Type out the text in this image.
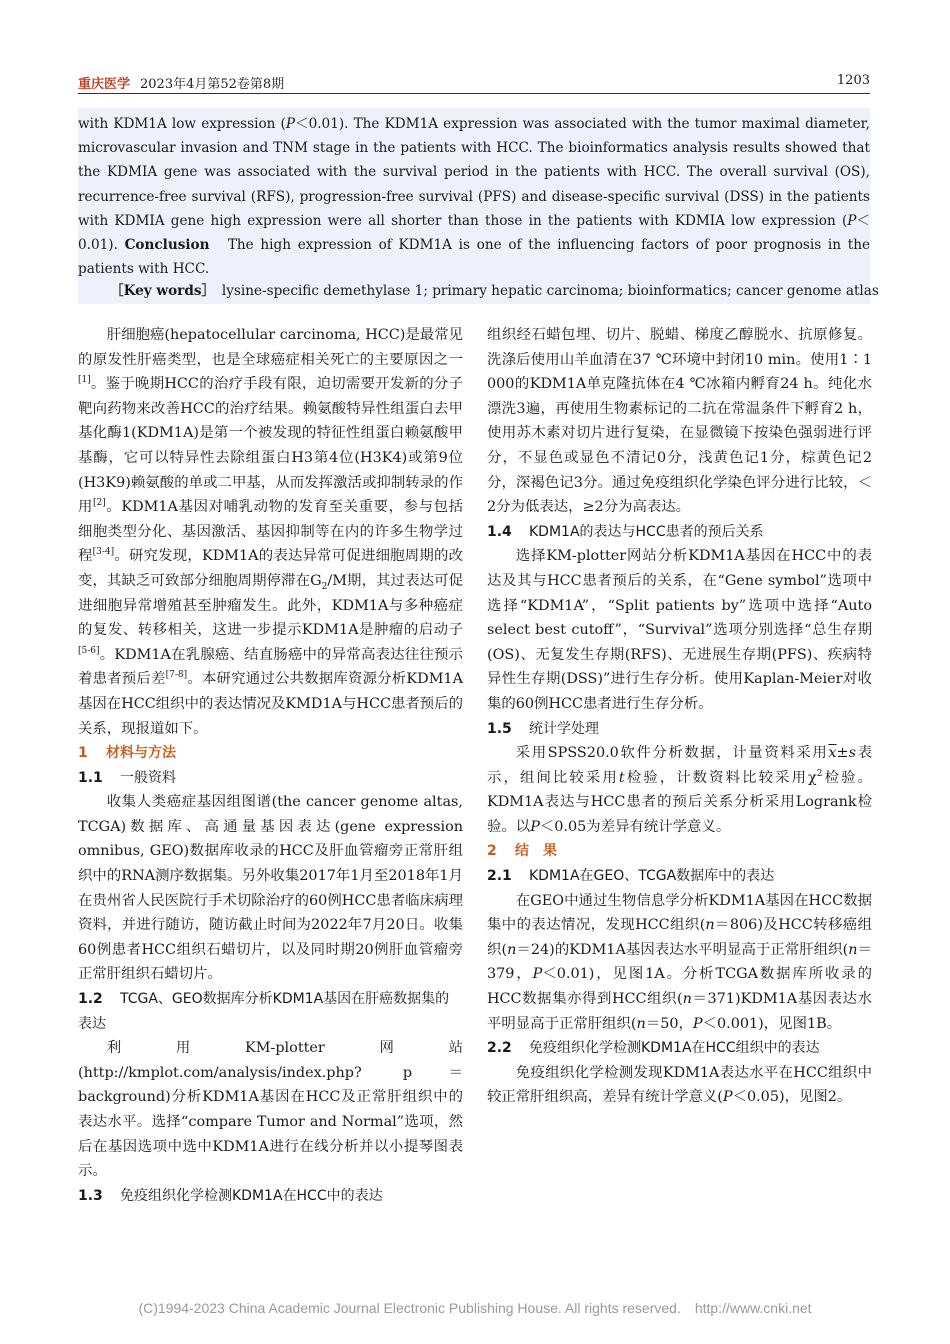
重庆医学 2023年4月第52卷第8期	1203
with KDM1A low expression (P＜0.01). The KDM1A expression was associated with the tumor maximal diameter, microvascular invasion and TNM stage in the patients with HCC. The bioinformatics analysis results showed that the KDMIA gene was associated with the survival period in the patients with HCC. The overall survival (OS), recurrence-free survival (RFS), progression-free survival (PFS) and disease-specific survival (DSS) in the patients with KDMIA gene high expression were all shorter than those in the patients with KDMIA low expression (P＜0.01). Conclusion　The high expression of KDM1A is one of the influencing factors of poor prognosis in the patients with HCC.
［Key words］　lysine-specific demethylase 1; primary hepatic carcinoma; bioinformatics; cancer genome atlas

肝细胞癌(hepatocellular carcinoma, HCC)是最常见的原发性肝癌类型，也是全球癌症相关死亡的主要原因之一[1]。鉴于晚期HCC的治疗手段有限，迫切需要开发新的分子靶向药物来改善HCC的治疗结果。赖氨酸特异性组蛋白去甲基化酶1(KDM1A)是第一个被发现的特征性组蛋白赖氨酸甲基酶，它可以特异性去除组蛋白H3第4位(H3K4)或第9位(H3K9)赖氨酸的单或二甲基，从而发挥激活或抑制转录的作用[2]。KDM1A基因对哺乳动物的发育至关重要，参与包括细胞类型分化、基因激活、基因抑制等在内的许多生物学过程[3-4]。研究发现，KDM1A的表达异常可促进细胞周期的改变，其缺乏可致部分细胞周期停滞在$G_2/M$期，其过表达可促进细胞异常增殖甚至肿瘤发生。此外，KDM1A与多种癌症的复发、转移相关，这进一步提示KDM1A是肿瘤的启动子[5-6]。KDM1A在乳腺癌、结直肠癌中的异常高表达往往预示着患者预后差[7-8]。本研究通过公共数据库资源分析KDM1A基因在HCC组织中的表达情况及KMD1A与HCC患者预后的关系，现报道如下。

1 材料与方法
1.1 一般资料

收集人类癌症基因组图谱(the cancer genome altas, TCGA)数据库、高通量基因表达(gene expression omnibus, GEO)数据库收录的HCC及肝血管瘤旁正常肝组织中的RNA测序数据集。另外收集2017年1月至2018年1月在贵州省人民医院行手术切除治疗的60例HCC患者临床病理资料，并进行随访，随访截止时间为2022年7月20日。收集60例患者HCC组织石蜡切片，以及同时期20例肝血管瘤旁正常肝组织石蜡切片。

1.2 TCGA、GEO数据库分析KDM1A基因在肝癌数据集的表达

利用KM-plotter网站(http://kmplot.com/analysis/index.php? p＝background)分析KDM1A基因在HCC及正常肝组织中的表达水平。选择“compare Tumor and Normal”选项，然后在基因选项中选中KDM1A进行在线分析并以小提琴图表示。

1.3 免疫组织化学检测KDM1A在HCC中的表达

组织经石蜡包埋、切片、脱蜡、梯度乙醇脱水、抗原修复。洗涤后使用山羊血清在37 ℃环境中封闭10 min。使用1∶1 000的KDM1A单克隆抗体在4 ℃冰箱内孵育24 h。纯化水漂洗3遍，再使用生物素标记的二抗在常温条件下孵育2 h，使用苏木素对切片进行复染，在显微镜下按染色强弱进行评分，不显色或显色不清记0分，浅黄色记1分，棕黄色记2分，深褐色记3分。通过免疫组织化学染色评分进行比较，＜2分为低表达，≥2分为高表达。

1.4 KDM1A的表达与HCC患者的预后关系

选择KM-plotter网站分析KDM1A基因在HCC中的表达及其与HCC患者预后的关系，在“Gene symbol”选项中选择“KDM1A”，“Split patients by”选项中选择“Auto select best cutoff”，“Survival”选项分别选择“总生存期(OS)、无复发生存期(RFS)、无进展生存期(PFS)、疾病特异性生存期(DSS)”进行生存分析。使用Kaplan-Meier对收集的60例HCC患者进行生存分析。

1.5 统计学处理

采用SPSS20.0软件分析数据，计量资料采用$\overline{x}\pm s$表示，组间比较采用t检验，计数资料比较采用$\chi^2$检验。KDM1A表达与HCC患者的预后关系分析采用Logrank检验。以P＜0.05为差异有统计学意义。

2 结　果
2.1 KDM1A在GEO、TCGA数据库中的表达

在GEO中通过生物信息学分析KDM1A基因在HCC数据集中的表达情况，发现HCC组织(n＝806)及HCC转移癌组织(n＝24)的KDM1A基因表达水平明显高于正常肝组织(n＝379，P＜0.01)，见图1A。分析TCGA数据库所收录的HCC数据集亦得到HCC组织(n＝371)KDM1A基因表达水平明显高于正常肝组织(n＝50，P＜0.001)，见图1B。

2.2 免疫组织化学检测KDM1A在HCC组织中的表达

免疫组织化学检测发现KDM1A表达水平在HCC组织中较正常肝组织高，差异有统计学意义(P＜0.05)，见图2。

(C)1994-2023 China Academic Journal Electronic Publishing House. All rights reserved.　http://www.cnki.net
